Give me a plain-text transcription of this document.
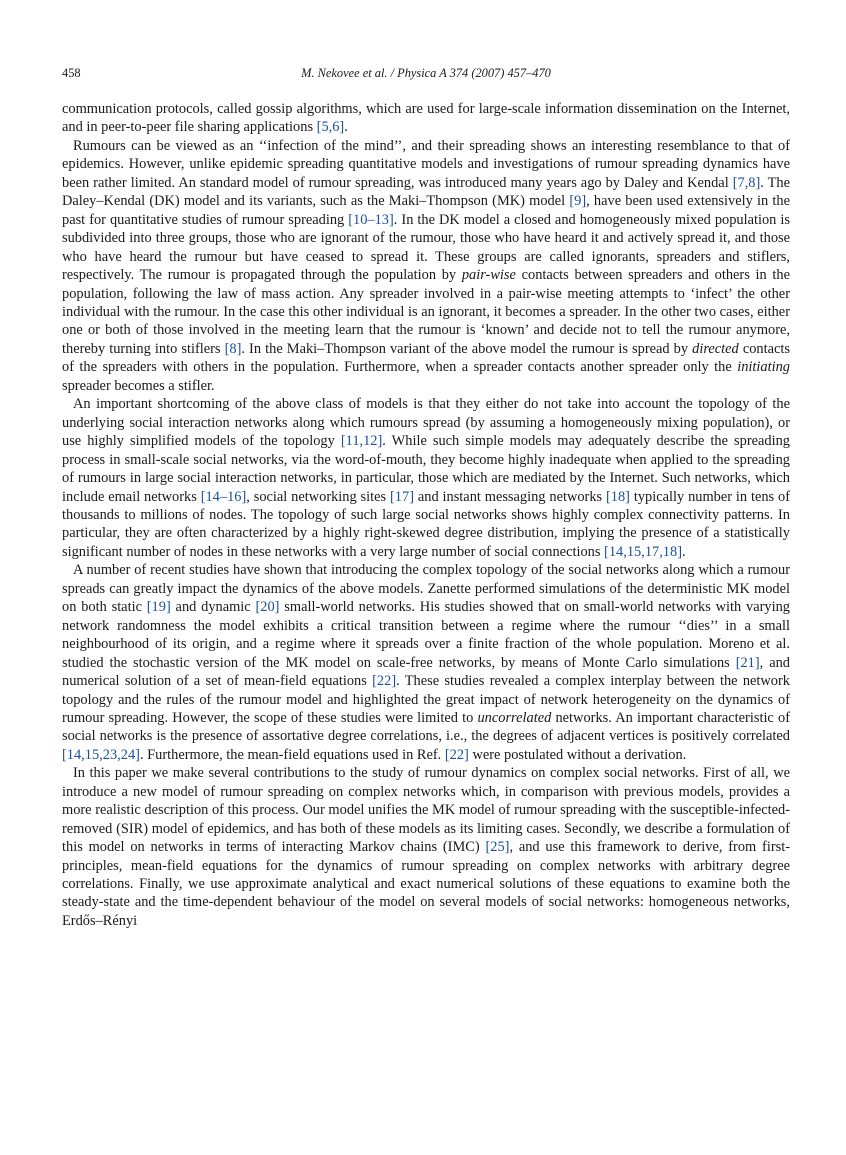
458	M. Nekovee et al. / Physica A 374 (2007) 457–470

communication protocols, called gossip algorithms, which are used for large-scale information dissemination on the Internet, and in peer-to-peer file sharing applications [5,6].

Rumours can be viewed as an ‘‘infection of the mind’’, and their spreading shows an interesting resemblance to that of epidemics. However, unlike epidemic spreading quantitative models and investigations of rumour spreading dynamics have been rather limited. An standard model of rumour spreading, was introduced many years ago by Daley and Kendal [7,8]. The Daley–Kendal (DK) model and its variants, such as the Maki–Thompson (MK) model [9], have been used extensively in the past for quantitative studies of rumour spreading [10–13]. In the DK model a closed and homogeneously mixed population is subdivided into three groups, those who are ignorant of the rumour, those who have heard it and actively spread it, and those who have heard the rumour but have ceased to spread it. These groups are called ignorants, spreaders and stiflers, respectively. The rumour is propagated through the population by pair-wise contacts between spreaders and others in the population, following the law of mass action. Any spreader involved in a pair-wise meeting attempts to ‘infect’ the other individual with the rumour. In the case this other individual is an ignorant, it becomes a spreader. In the other two cases, either one or both of those involved in the meeting learn that the rumour is ‘known’ and decide not to tell the rumour anymore, thereby turning into stiflers [8]. In the Maki–Thompson variant of the above model the rumour is spread by directed contacts of the spreaders with others in the population. Furthermore, when a spreader contacts another spreader only the initiating spreader becomes a stifler.

An important shortcoming of the above class of models is that they either do not take into account the topology of the underlying social interaction networks along which rumours spread (by assuming a homogeneously mixing population), or use highly simplified models of the topology [11,12]. While such simple models may adequately describe the spreading process in small-scale social networks, via the word-of-mouth, they become highly inadequate when applied to the spreading of rumours in large social interaction networks, in particular, those which are mediated by the Internet. Such networks, which include email networks [14–16], social networking sites [17] and instant messaging networks [18] typically number in tens of thousands to millions of nodes. The topology of such large social networks shows highly complex connectivity patterns. In particular, they are often characterized by a highly right-skewed degree distribution, implying the presence of a statistically significant number of nodes in these networks with a very large number of social connections [14,15,17,18].

A number of recent studies have shown that introducing the complex topology of the social networks along which a rumour spreads can greatly impact the dynamics of the above models. Zanette performed simulations of the deterministic MK model on both static [19] and dynamic [20] small-world networks. His studies showed that on small-world networks with varying network randomness the model exhibits a critical transition between a regime where the rumour ‘‘dies’’ in a small neighbourhood of its origin, and a regime where it spreads over a finite fraction of the whole population. Moreno et al. studied the stochastic version of the MK model on scale-free networks, by means of Monte Carlo simulations [21], and numerical solution of a set of mean-field equations [22]. These studies revealed a complex interplay between the network topology and the rules of the rumour model and highlighted the great impact of network heterogeneity on the dynamics of rumour spreading. However, the scope of these studies were limited to uncorrelated networks. An important characteristic of social networks is the presence of assortative degree correlations, i.e., the degrees of adjacent vertices is positively correlated [14,15,23,24]. Furthermore, the mean-field equations used in Ref. [22] were postulated without a derivation.

In this paper we make several contributions to the study of rumour dynamics on complex social networks. First of all, we introduce a new model of rumour spreading on complex networks which, in comparison with previous models, provides a more realistic description of this process. Our model unifies the MK model of rumour spreading with the susceptible-infected-removed (SIR) model of epidemics, and has both of these models as its limiting cases. Secondly, we describe a formulation of this model on networks in terms of interacting Markov chains (IMC) [25], and use this framework to derive, from first-principles, mean-field equations for the dynamics of rumour spreading on complex networks with arbitrary degree correlations. Finally, we use approximate analytical and exact numerical solutions of these equations to examine both the steady-state and the time-dependent behaviour of the model on several models of social networks: homogeneous networks, Erdős–Rényi
